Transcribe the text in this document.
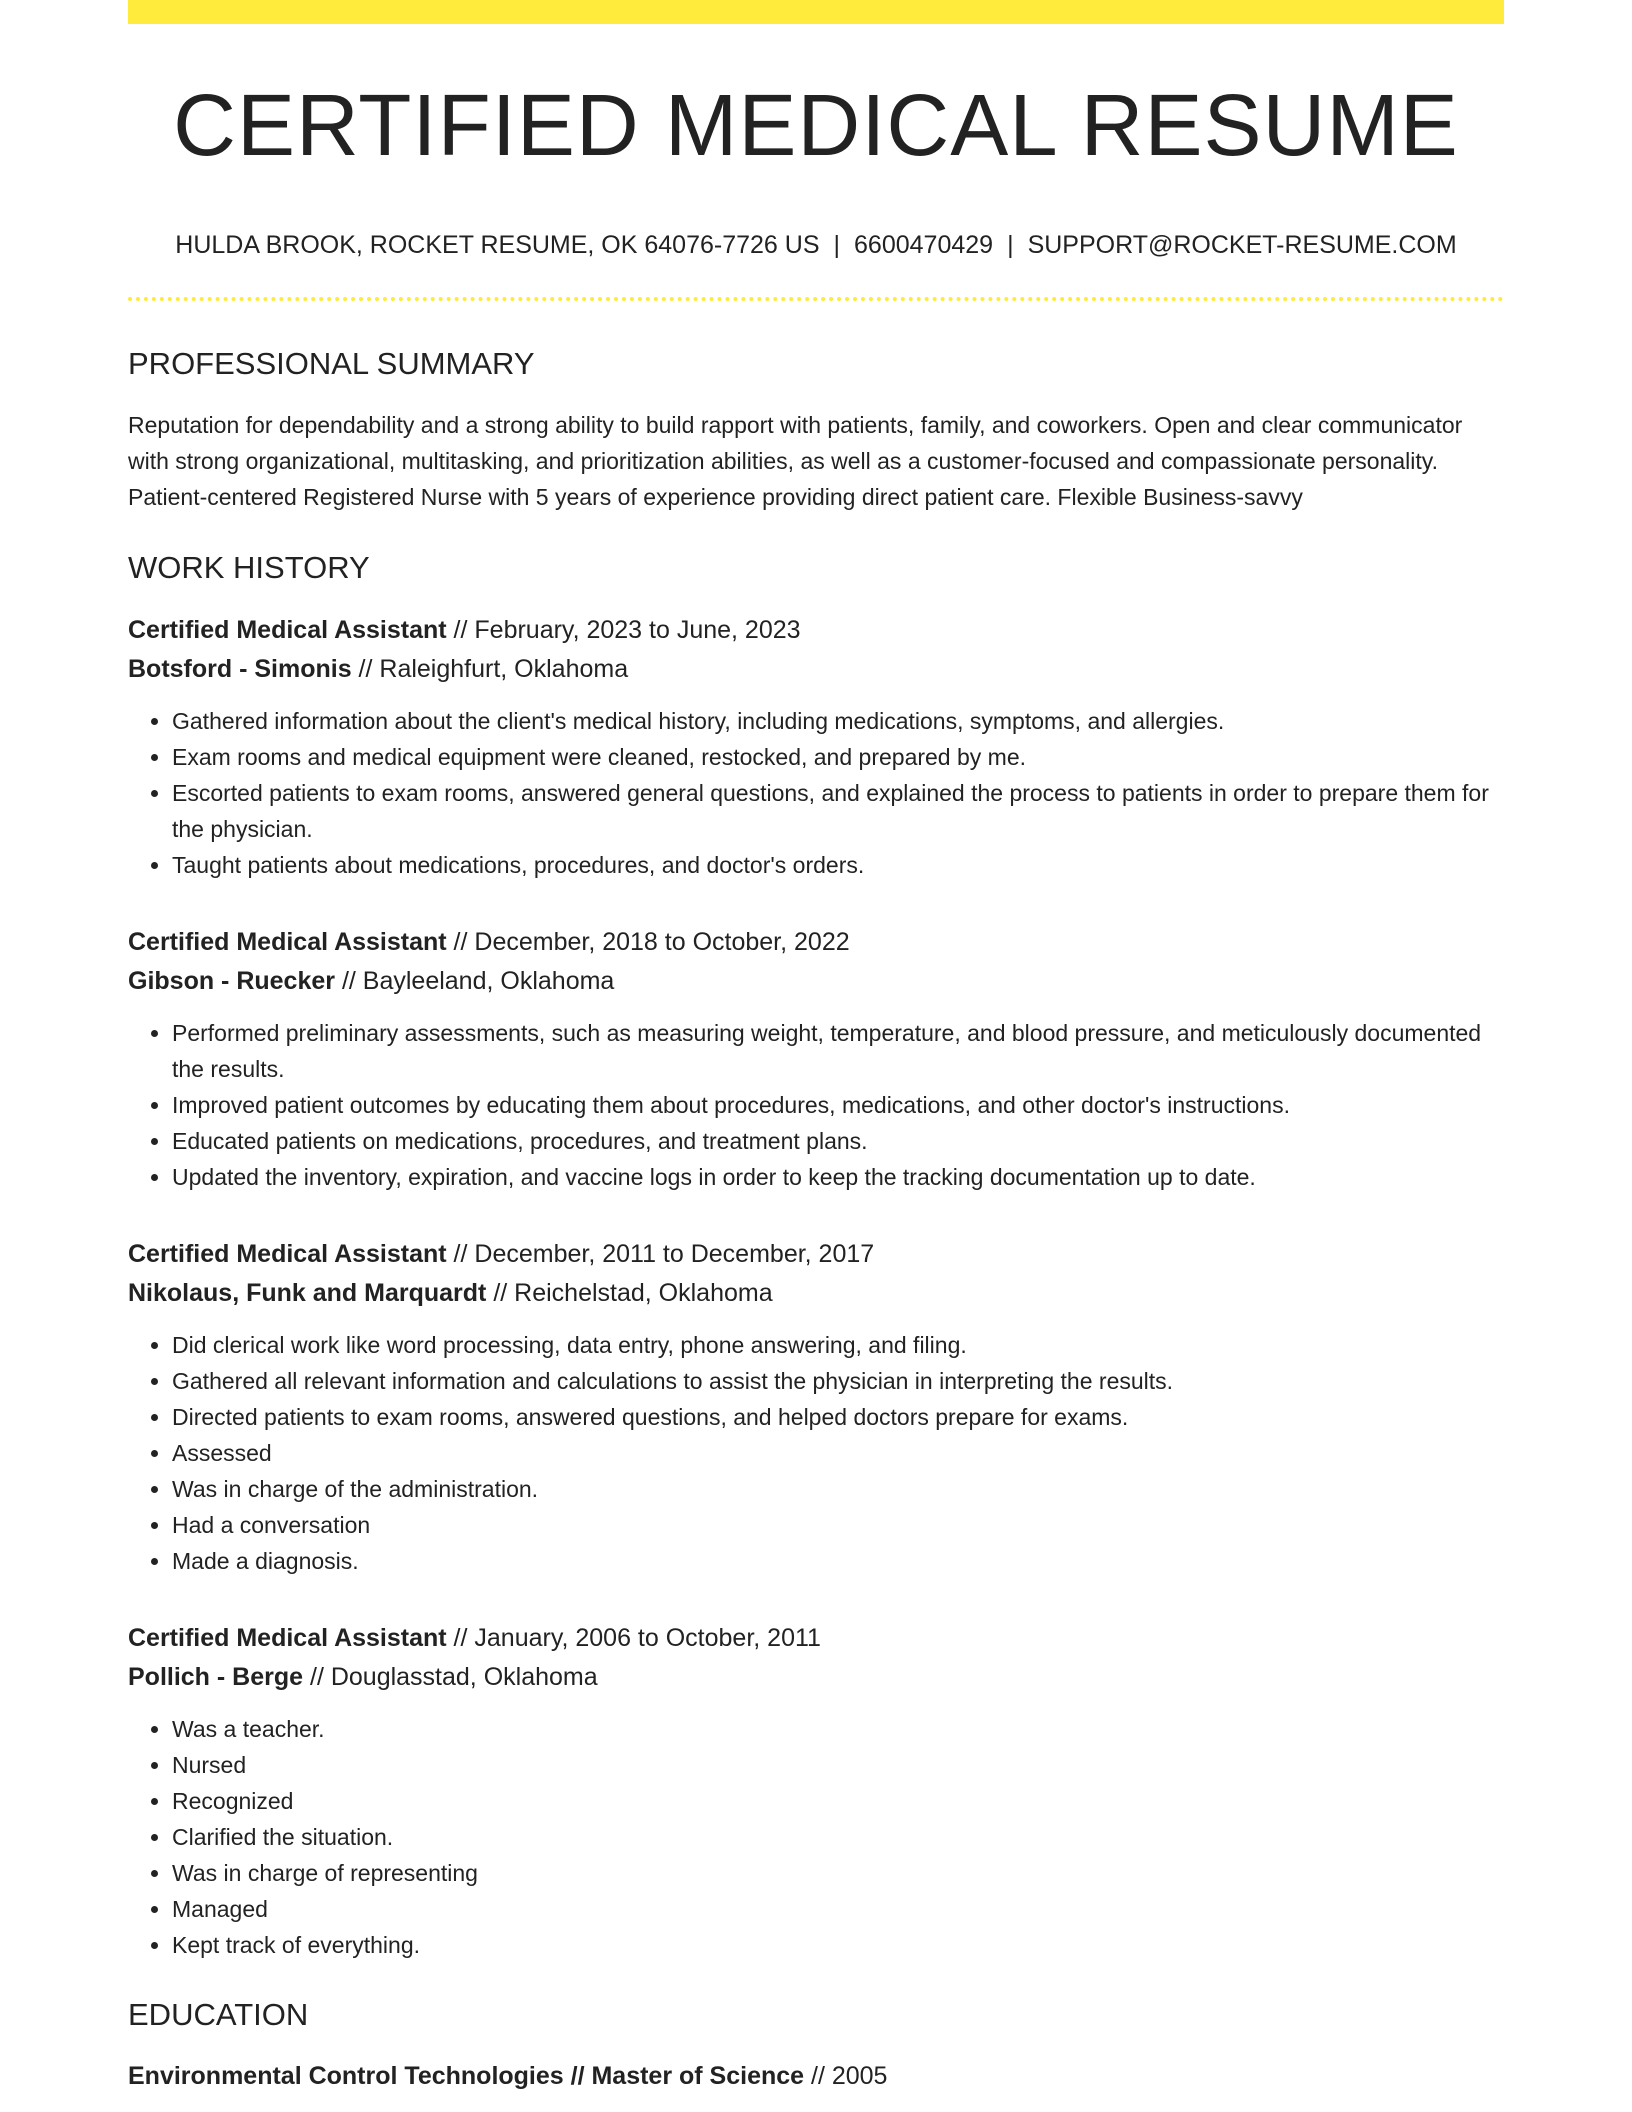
CERTIFIED MEDICAL RESUME
HULDA BROOK, ROCKET RESUME, OK 64076-7726 US | 6600470429 | SUPPORT@ROCKET-RESUME.COM
PROFESSIONAL SUMMARY

Reputation for dependability and a strong ability to build rapport with patients, family, and coworkers. Open and clear communicator with strong organizational, multitasking, and prioritization abilities, as well as a customer-focused and compassionate personality. Patient-centered Registered Nurse with 5 years of experience providing direct patient care. Flexible Business-savvy

WORK HISTORY
Certified Medical Assistant // February, 2023 to June, 2023
Botsford - Simonis // Raleighfurt, Oklahoma
• Gathered information about the client's medical history, including medications, symptoms, and allergies.
• Exam rooms and medical equipment were cleaned, restocked, and prepared by me.
• Escorted patients to exam rooms, answered general questions, and explained the process to patients in order to prepare them for the physician.
• Taught patients about medications, procedures, and doctor's orders.
Certified Medical Assistant // December, 2018 to October, 2022
Gibson - Ruecker // Bayleeland, Oklahoma
• Performed preliminary assessments, such as measuring weight, temperature, and blood pressure, and meticulously documented the results.
• Improved patient outcomes by educating them about procedures, medications, and other doctor's instructions.
• Educated patients on medications, procedures, and treatment plans.
• Updated the inventory, expiration, and vaccine logs in order to keep the tracking documentation up to date.
Certified Medical Assistant // December, 2011 to December, 2017
Nikolaus, Funk and Marquardt // Reichelstad, Oklahoma
• Did clerical work like word processing, data entry, phone answering, and filing.
• Gathered all relevant information and calculations to assist the physician in interpreting the results.
• Directed patients to exam rooms, answered questions, and helped doctors prepare for exams.
• Assessed
• Was in charge of the administration.
• Had a conversation
• Made a diagnosis.
Certified Medical Assistant // January, 2006 to October, 2011
Pollich - Berge // Douglasstad, Oklahoma
• Was a teacher.
• Nursed
• Recognized
• Clarified the situation.
• Was in charge of representing
• Managed
• Kept track of everything.
EDUCATION
Environmental Control Technologies // Master of Science // 2005
